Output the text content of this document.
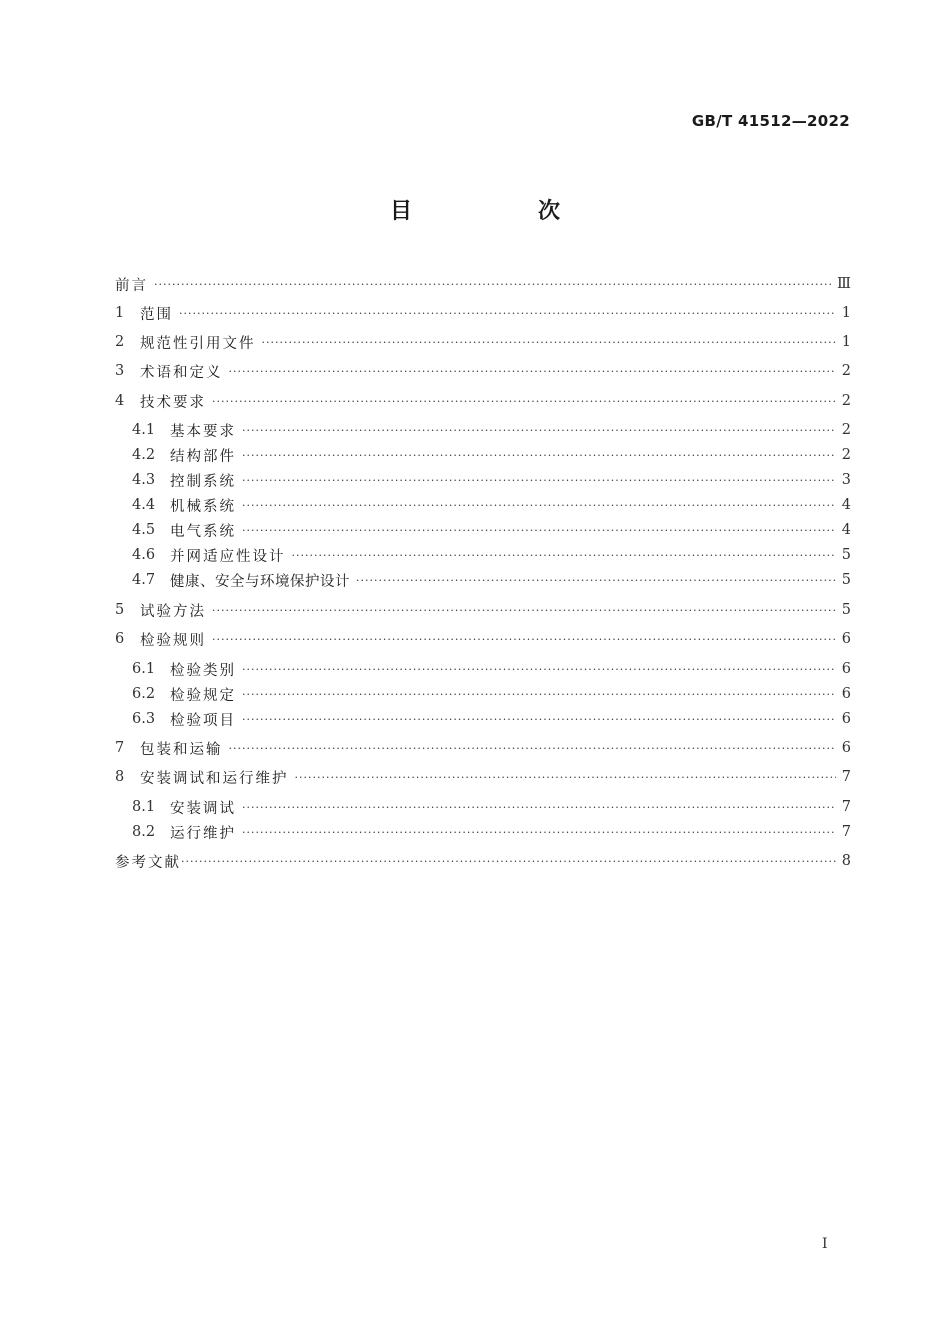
GB/T 41512—2022
目　次
前言 ·····	Ⅲ
1	范围 ·····	1
2	规范性引用文件 ·····	1
3	术语和定义 ·····	2
4	技术要求 ·····	2
4.1	基本要求 ·····	2
4.2	结构部件 ·····	2
4.3	控制系统 ·····	3
4.4	机械系统 ·····	4
4.5	电气系统 ·····	4
4.6	并网适应性设计 ·····	5
4.7	健康、安全与环境保护设计 ·····	5
5	试验方法 ·····	5
6	检验规则 ·····	6
6.1	检验类别 ·····	6
6.2	检验规定 ·····	6
6.3	检验项目 ·····	6
7	包装和运输 ·····	6
8	安装调试和运行维护 ·····	7
8.1	安装调试 ·····	7
8.2	运行维护 ·····	7
参考文献 ·····	8
Ⅰ
